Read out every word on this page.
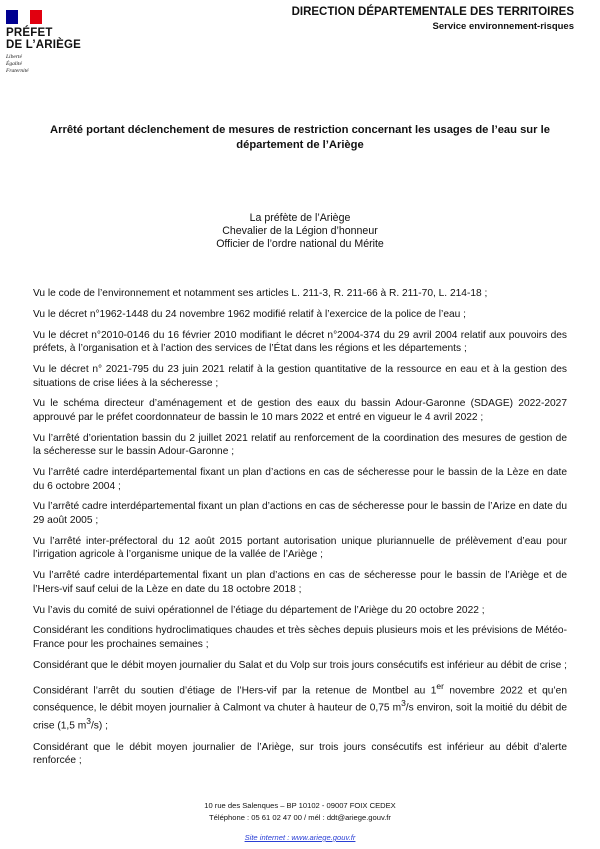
PRÉFET
DE L’ARIÈGE
Liberté
Égalité
Fraternité
DIRECTION DÉPARTEMENTALE DES TERRITOIRES
Service environnement-risques
Arrêté portant déclenchement de mesures de restriction concernant les usages de l’eau sur le département de l’Ariège
La préfète de l’Ariège
Chevalier de la Légion d’honneur
Officier de l’ordre national du Mérite

Vu le code de l’environnement et notamment ses articles L. 211-3, R. 211-66 à R. 211-70, L. 214-18 ;

Vu le décret n°1962-1448 du 24 novembre 1962 modifié relatif à l’exercice de la police de l’eau ;

Vu le décret n°2010-0146 du 16 février 2010 modifiant le décret n°2004-374 du 29 avril 2004 relatif aux pouvoirs des préfets, à l’organisation et à l’action des services de l’État dans les régions et les départements ;

Vu le décret n° 2021-795 du 23 juin 2021 relatif à la gestion quantitative de la ressource en eau et à la gestion des situations de crise liées à la sécheresse ;

Vu le schéma directeur d’aménagement et de gestion des eaux du bassin Adour-Garonne (SDAGE) 2022-2027 approuvé par le préfet coordonnateur de bassin le 10 mars 2022 et entré en vigueur le 4 avril 2022 ;

Vu l’arrêté d’orientation bassin du 2 juillet 2021 relatif au renforcement de la coordination des mesures de gestion de la sécheresse sur le bassin Adour-Garonne ;

Vu l’arrêté cadre interdépartemental fixant un plan d’actions en cas de sécheresse pour le bassin de la Lèze en date du 6 octobre 2004 ;

Vu l’arrêté cadre interdépartemental fixant un plan d’actions en cas de sécheresse pour le bassin de l’Arize en date du 29 août 2005 ;

Vu l’arrêté inter-préfectoral du 12 août 2015 portant autorisation unique pluriannuelle de prélèvement d’eau pour l’irrigation agricole à l’organisme unique de la vallée de l’Ariège ;

Vu l’arrêté cadre interdépartemental fixant un plan d’actions en cas de sécheresse pour le bassin de l’Ariège et de l’Hers-vif sauf celui de la Lèze en date du 18 octobre 2018 ;

Vu l’avis du comité de suivi opérationnel de l’étiage du département de l’Ariège du 20 octobre 2022 ;

Considérant les conditions hydroclimatiques chaudes et très sèches depuis plusieurs mois et les prévisions de Météo-France pour les prochaines semaines ;

Considérant que le débit moyen journalier du Salat et du Volp sur trois jours consécutifs est inférieur au débit de crise ;

Considérant l’arrêt du soutien d’étiage de l’Hers-vif par la retenue de Montbel au 1er novembre 2022 et qu’en conséquence, le débit moyen journalier à Calmont va chuter à hauteur de 0,75 $m^3/s$ environ, soit la moitié du débit de crise (1,5 $m^3/s$) ;

Considérant que le débit moyen journalier de l’Ariège, sur trois jours consécutifs est inférieur au débit d’alerte renforcée ;

10 rue des Salenques – BP 10102 - 09007 FOIX CEDEX
Téléphone : 05 61 02 47 00 / mél : ddt@ariege.gouv.fr
Site internet : www.ariege.gouv.fr
